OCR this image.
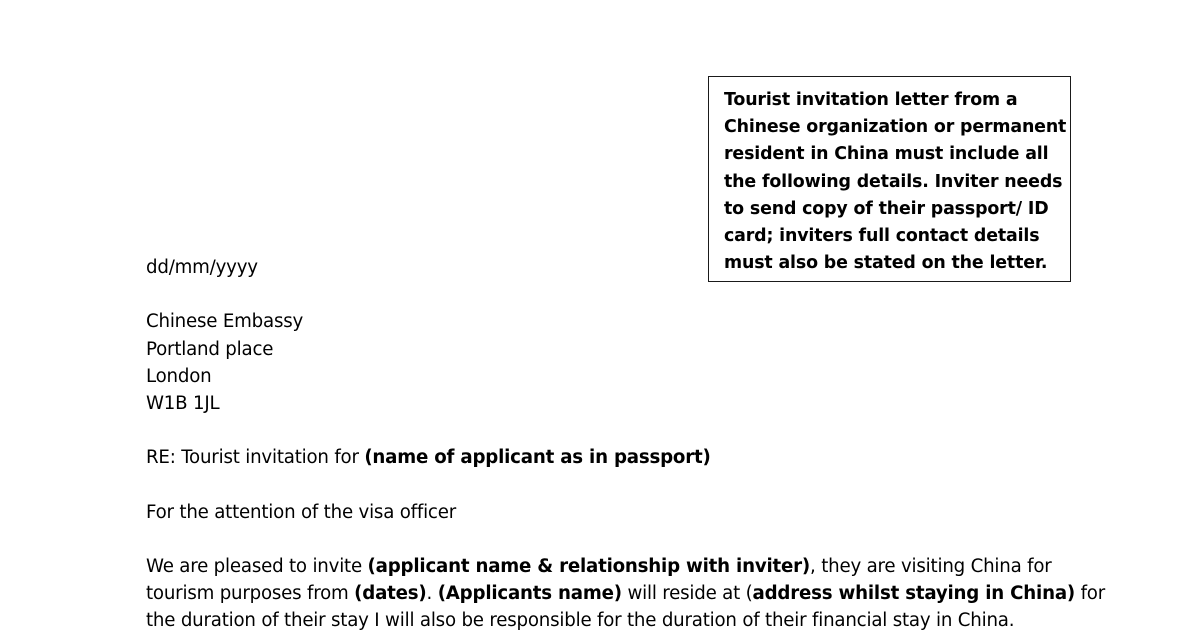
Tourist invitation letter from a
Chinese organization or permanent
resident in China must include all
the following details. Inviter needs
to send copy of their passport/ ID
card; inviters full contact details
must also be stated on the letter.
dd/mm/yyyy
Chinese Embassy
Portland place
London
W1B 1JL
RE: Tourist invitation for (name of applicant as in passport)
For the attention of the visa officer
We are pleased to invite (applicant name & relationship with inviter), they are visiting China for
tourism purposes from (dates). (Applicants name) will reside at (address whilst staying in China) for
the duration of their stay I will also be responsible for the duration of their financial stay in China.
